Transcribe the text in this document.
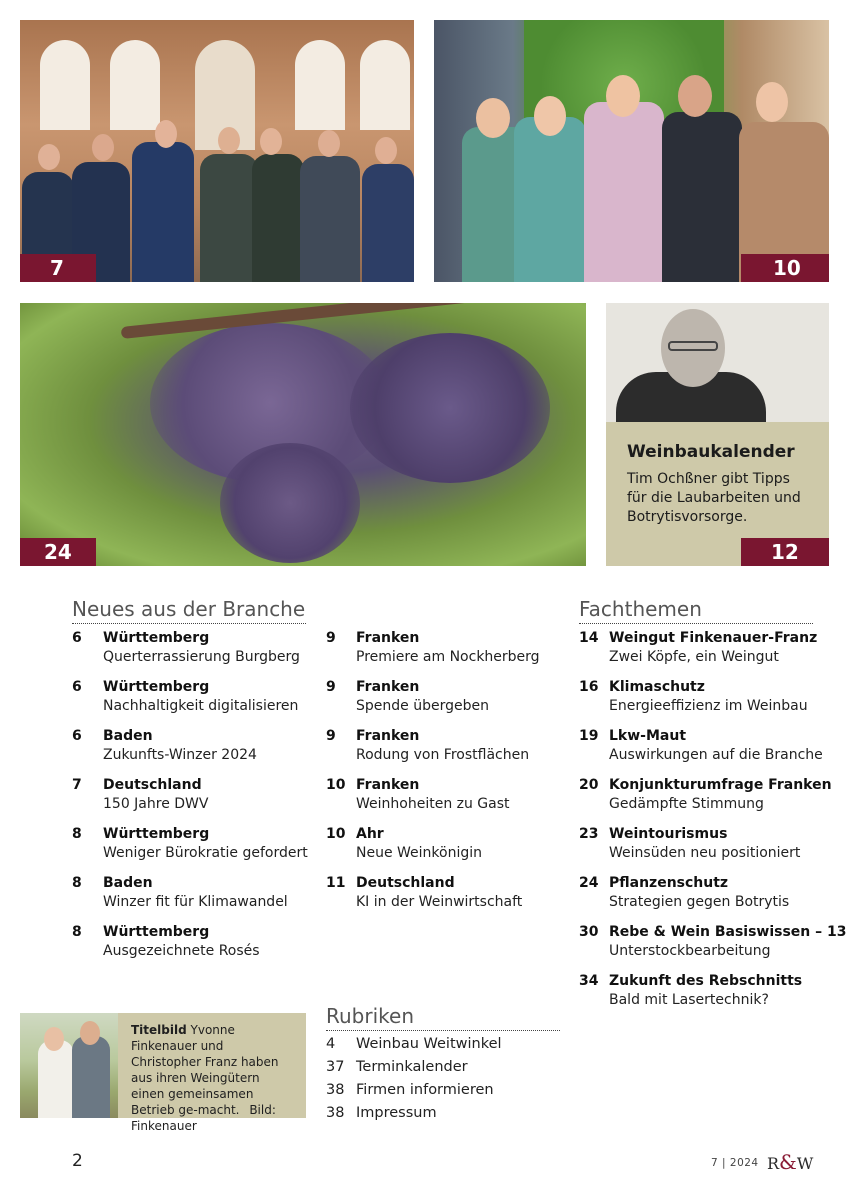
7	10
24
Weinbaukalender

Tim Ochßner gibt Tipps für die Laubarbeiten und Botrytisvorsorge.

12
Neues aus der Branche	Fachthemen
Rubriken
6 Württemberg
Querterrassierung Burgberg
6 Württemberg
Nachhaltigkeit digitalisieren
6 Baden
Zukunfts-Winzer 2024
7 Deutschland
150 Jahre DWV
8 Württemberg
Weniger Bürokratie gefordert
8 Baden
Winzer fit für Klimawandel
8 Württemberg
Ausgezeichnete Rosés
9 Franken
Premiere am Nockherberg
9 Franken
Spende übergeben
9 Franken
Rodung von Frostflächen
10 Franken
Weinhoheiten zu Gast
10 Ahr
Neue Weinkönigin
11 Deutschland
KI in der Weinwirtschaft
14 Weingut Finkenauer-Franz
Zwei Köpfe, ein Weingut
16 Klimaschutz
Energieeffizienz im Weinbau
19 Lkw-Maut
Auswirkungen auf die Branche
20 Konjunkturumfrage Franken
Gedämpfte Stimmung
23 Weintourismus
Weinsüden neu positioniert
24 Pflanzenschutz
Strategien gegen Botrytis
30 Rebe & Wein Basiswissen – 13
Unterstockbearbeitung
34 Zukunft des Rebschnitts
Bald mit Lasertechnik?
4 Weinbau Weitwinkel
37 Terminkalender
38 Firmen informieren
38 Impressum
Titelbild Yvonne Finkenauer und Christopher Franz haben aus ihren Weingütern einen gemeinsamen Betrieb ge-macht. Bild: Finkenauer
2	7 | 2024 R&W
